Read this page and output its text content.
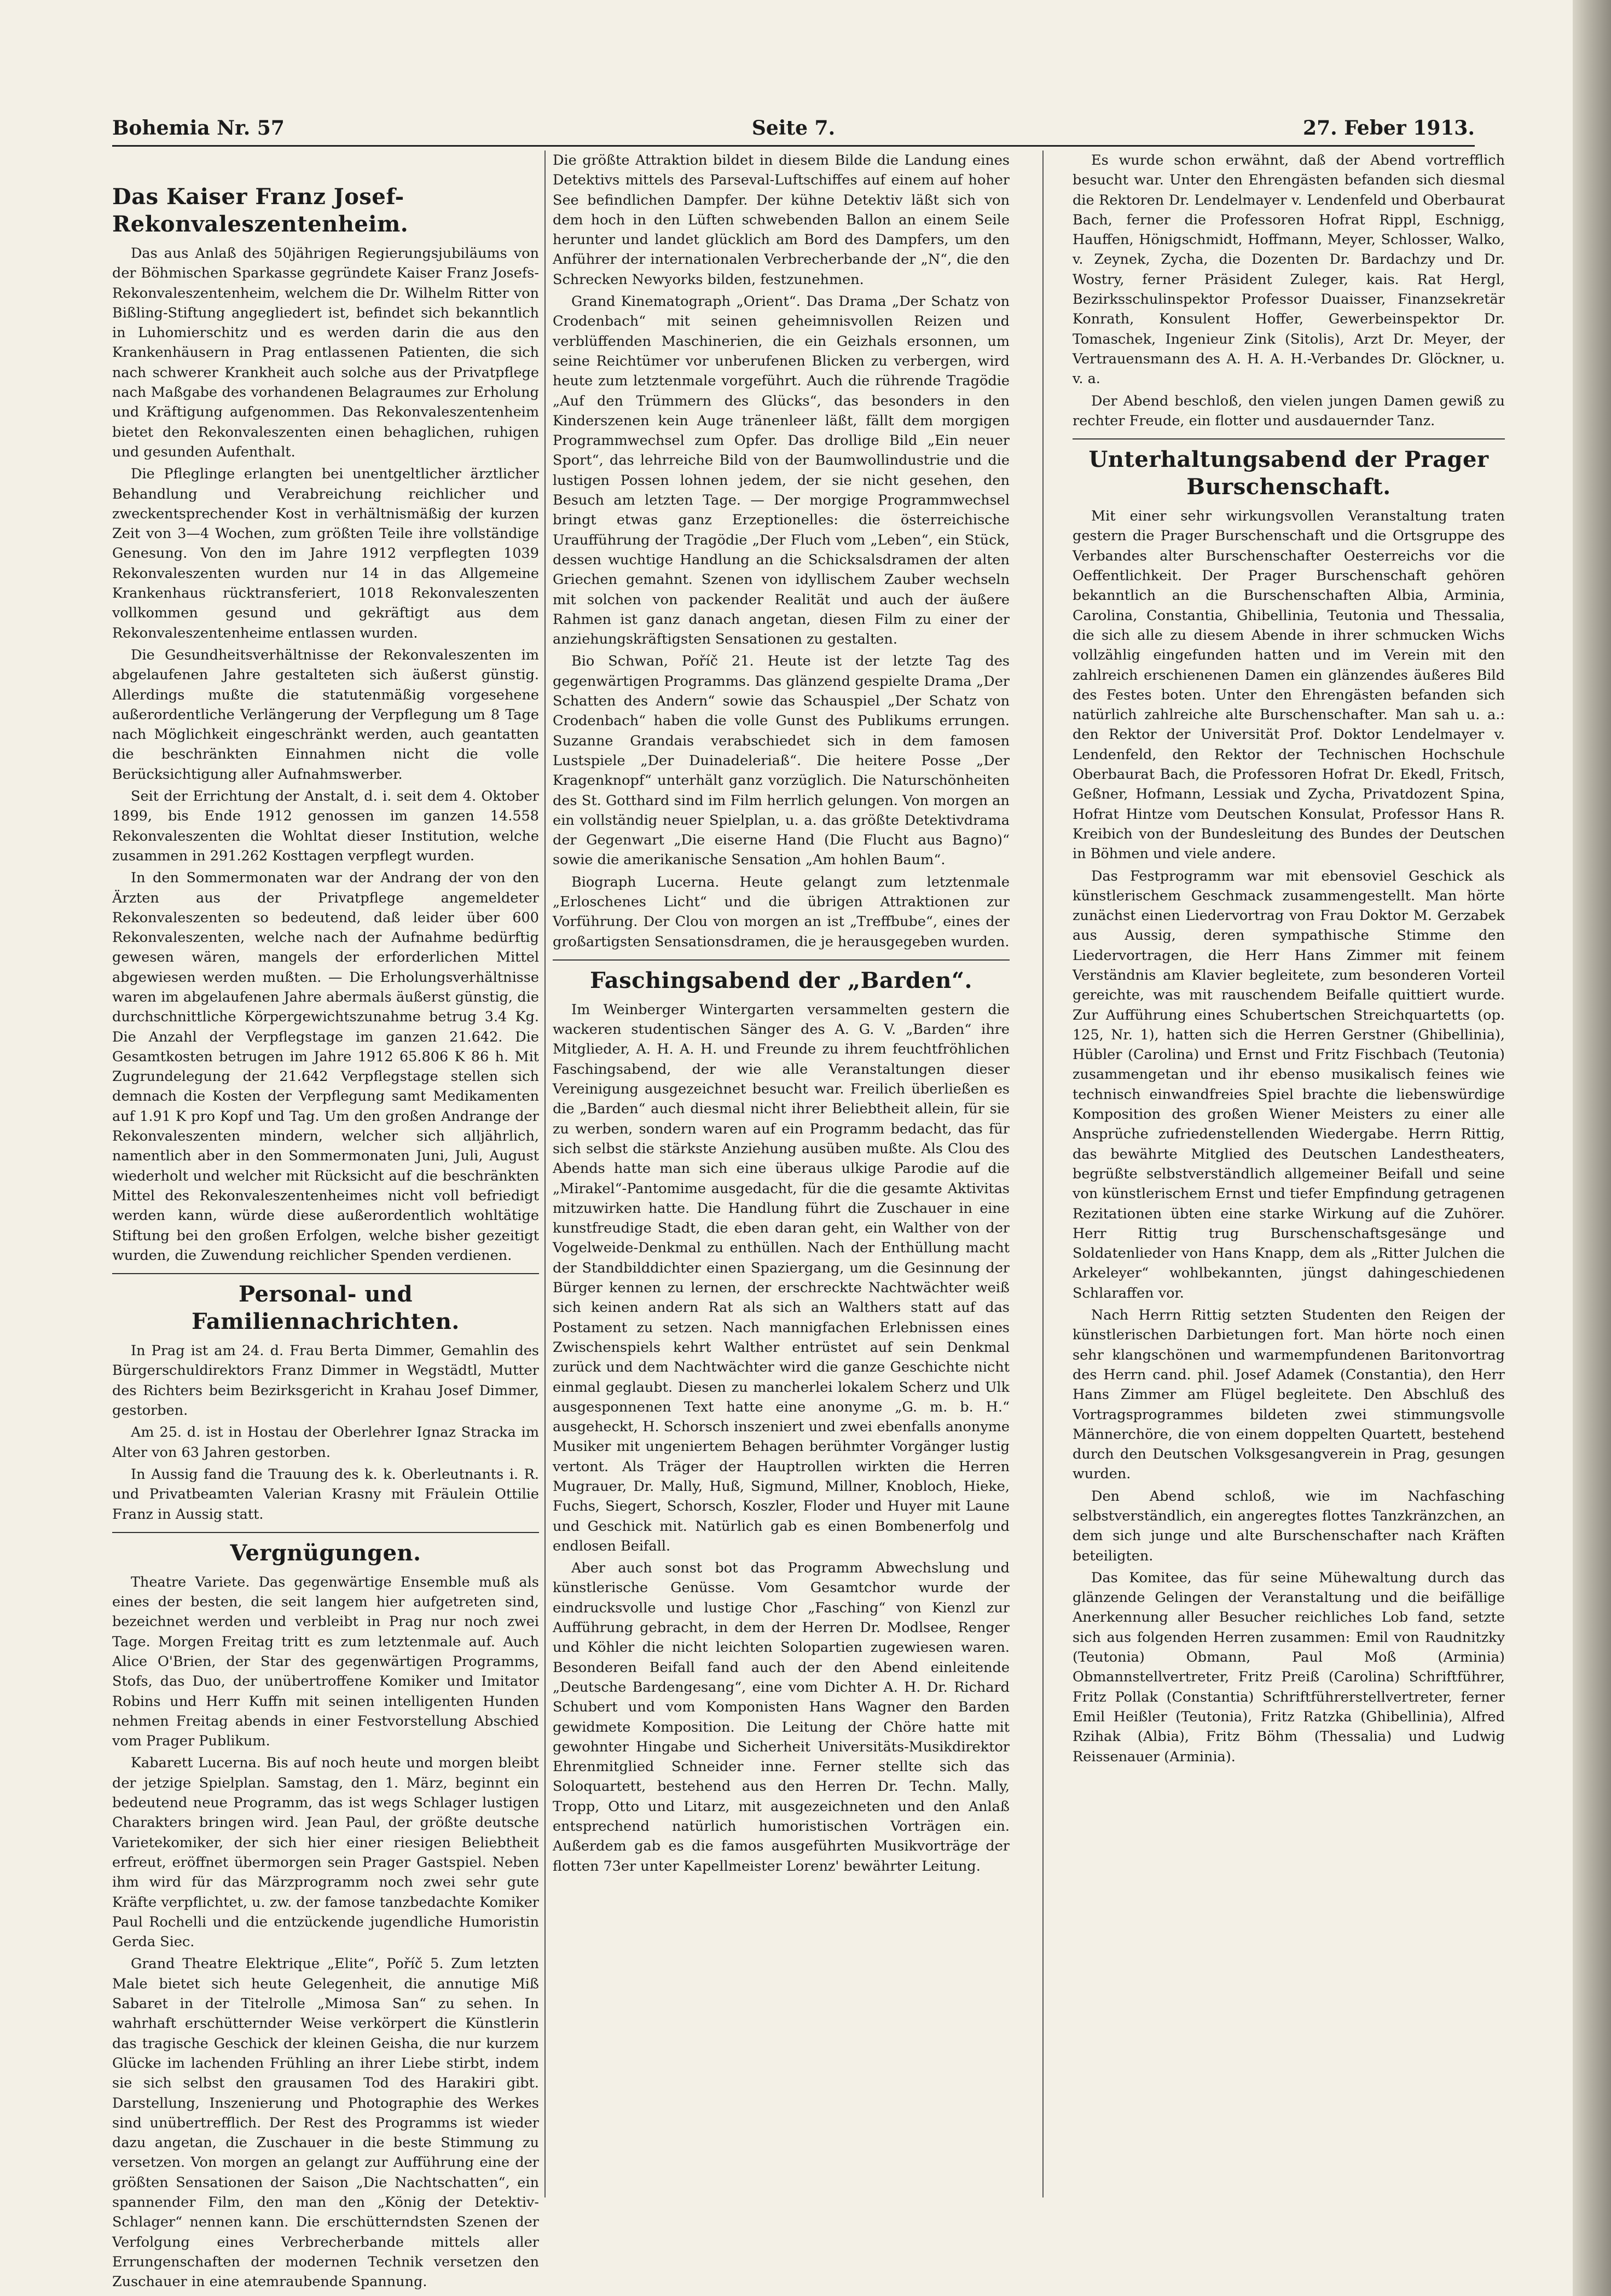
Bohemia Nr. 57	Seite 7.	27. Feber 1913.
Das Kaiser Franz Josef-Rekonvaleszentenheim.

Das aus Anlaß des 50jährigen Regierungsjubiläums von der Böhmischen Sparkasse gegründete Kaiser Franz Josefs-Rekonvaleszentenheim, welchem die Dr. Wilhelm Ritter von Bißling-Stiftung angegliedert ist, befindet sich bekanntlich in Luhomierschitz und es werden darin die aus den Krankenhäusern in Prag entlassenen Patienten, die sich nach schwerer Krankheit auch solche aus der Privatpflege nach Maßgabe des vorhandenen Belagraumes zur Erholung und Kräftigung aufgenommen. Das Rekonvaleszentenheim bietet den Rekonvaleszenten einen behaglichen, ruhigen und gesunden Aufenthalt.

Die Pfleglinge erlangten bei unentgeltlicher ärztlicher Behandlung und Verabreichung reichlicher und zweckentsprechender Kost in verhältnismäßig der kurzen Zeit von 3—4 Wochen, zum größten Teile ihre vollständige Genesung. Von den im Jahre 1912 verpflegten 1039 Rekonvaleszenten wurden nur 14 in das Allgemeine Krankenhaus rücktransferiert, 1018 Rekonvaleszenten vollkommen gesund und gekräftigt aus dem Rekonvaleszentenheime entlassen wurden.

Die Gesundheitsverhältnisse der Rekonvaleszenten im abgelaufenen Jahre gestalteten sich äußerst günstig. Allerdings mußte die statutenmäßig vorgesehene außerordentliche Verlängerung der Verpflegung um 8 Tage nach Möglichkeit eingeschränkt werden, auch geantatten die beschränkten Einnahmen nicht die volle Berücksichtigung aller Aufnahmswerber.

Seit der Errichtung der Anstalt, d. i. seit dem 4. Oktober 1899, bis Ende 1912 genossen im ganzen 14.558 Rekonvaleszenten die Wohltat dieser Institution, welche zusammen in 291.262 Kosttagen verpflegt wurden.

In den Sommermonaten war der Andrang der von den Ärzten aus der Privatpflege angemeldeter Rekonvaleszenten so bedeutend, daß leider über 600 Rekonvaleszenten, welche nach der Aufnahme bedürftig gewesen wären, mangels der erforderlichen Mittel abgewiesen werden mußten. — Die Erholungsverhältnisse waren im abgelaufenen Jahre abermals äußerst günstig, die durchschnittliche Körpergewichtszunahme betrug 3.4 Kg. Die Anzahl der Verpflegstage im ganzen 21.642. Die Gesamtkosten betrugen im Jahre 1912 65.806 K 86 h. Mit Zugrundelegung der 21.642 Verpflegstage stellen sich demnach die Kosten der Verpflegung samt Medikamenten auf 1.91 K pro Kopf und Tag. Um den großen Andrange der Rekonvaleszenten mindern, welcher sich alljährlich, namentlich aber in den Sommermonaten Juni, Juli, August wiederholt und welcher mit Rücksicht auf die beschränkten Mittel des Rekonvaleszentenheimes nicht voll befriedigt werden kann, würde diese außerordentlich wohltätige Stiftung bei den großen Erfolgen, welche bisher gezeitigt wurden, die Zuwendung reichlicher Spenden verdienen.

Personal- und Familiennachrichten.

In Prag ist am 24. d. Frau Berta Dimmer, Gemahlin des Bürgerschuldirektors Franz Dimmer in Wegstädtl, Mutter des Richters beim Bezirksgericht in Krahau Josef Dimmer, gestorben.

Am 25. d. ist in Hostau der Oberlehrer Ignaz Stracka im Alter von 63 Jahren gestorben.

In Aussig fand die Trauung des k. k. Oberleutnants i. R. und Privatbeamten Valerian Krasny mit Fräulein Ottilie Franz in Aussig statt.

Vergnügungen.

Theatre Variete. Das gegenwärtige Ensemble muß als eines der besten, die seit langem hier aufgetreten sind, bezeichnet werden und verbleibt in Prag nur noch zwei Tage. Morgen Freitag tritt es zum letztenmale auf. Auch Alice O'Brien, der Star des gegenwärtigen Programms, Stofs, das Duo, der unübertroffene Komiker und Imitator Robins und Herr Kuffn mit seinen intelligenten Hunden nehmen Freitag abends in einer Festvorstellung Abschied vom Prager Publikum.

Kabarett Lucerna. Bis auf noch heute und morgen bleibt der jetzige Spielplan. Samstag, den 1. März, beginnt ein bedeutend neue Programm, das ist wegs Schlager lustigen Charakters bringen wird. Jean Paul, der größte deutsche Varietekomiker, der sich hier einer riesigen Beliebtheit erfreut, eröffnet übermorgen sein Prager Gastspiel. Neben ihm wird für das Märzprogramm noch zwei sehr gute Kräfte verpflichtet, u. zw. der famose tanzbedachte Komiker Paul Rochelli und die entzückende jugendliche Humoristin Gerda Siec.

Grand Theatre Elektrique „Elite“, Poříč 5. Zum letzten Male bietet sich heute Gelegenheit, die annutige Miß Sabaret in der Titelrolle „Mimosa San“ zu sehen. In wahrhaft erschütternder Weise verkörpert die Künstlerin das tragische Geschick der kleinen Geisha, die nur kurzem Glücke im lachenden Frühling an ihrer Liebe stirbt, indem sie sich selbst den grausamen Tod des Harakiri gibt. Darstellung, Inszenierung und Photographie des Werkes sind unübertrefflich. Der Rest des Programms ist wieder dazu angetan, die Zuschauer in die beste Stimmung zu versetzen. Von morgen an gelangt zur Aufführung eine der größten Sensationen der Saison „Die Nachtschatten“, ein spannender Film, den man den „König der Detektiv-Schlager“ nennen kann. Die erschütterndsten Szenen der Verfolgung eines Verbrecherbande mittels aller Errungenschaften der modernen Technik versetzen den Zuschauer in eine atemraubende Spannung.

Die größte Attraktion bildet in diesem Bilde die Landung eines Detektivs mittels des Parseval-Luftschiffes auf einem auf hoher See befindlichen Dampfer. Der kühne Detektiv läßt sich von dem hoch in den Lüften schwebenden Ballon an einem Seile herunter und landet glücklich am Bord des Dampfers, um den Anführer der internationalen Verbrecherbande der „N“, die den Schrecken Newyorks bilden, festzunehmen.

Grand Kinematograph „Orient“. Das Drama „Der Schatz von Crodenbach“ mit seinen geheimnisvollen Reizen und verblüffenden Maschinerien, die ein Geizhals ersonnen, um seine Reichtümer vor unberufenen Blicken zu verbergen, wird heute zum letztenmale vorgeführt. Auch die rührende Tragödie „Auf den Trümmern des Glücks“, das besonders in den Kinderszenen kein Auge tränenleer läßt, fällt dem morgigen Programmwechsel zum Opfer. Das drollige Bild „Ein neuer Sport“, das lehrreiche Bild von der Baumwollindustrie und die lustigen Possen lohnen jedem, der sie nicht gesehen, den Besuch am letzten Tage. — Der morgige Programmwechsel bringt etwas ganz Erzeptionelles: die österreichische Uraufführung der Tragödie „Der Fluch vom „Leben“, ein Stück, dessen wuchtige Handlung an die Schicksalsdramen der alten Griechen gemahnt. Szenen von idyllischem Zauber wechseln mit solchen von packender Realität und auch der äußere Rahmen ist ganz danach angetan, diesen Film zu einer der anziehungskräftigsten Sensationen zu gestalten.

Bio Schwan, Poříč 21. Heute ist der letzte Tag des gegenwärtigen Programms. Das glänzend gespielte Drama „Der Schatten des Andern“ sowie das Schauspiel „Der Schatz von Crodenbach“ haben die volle Gunst des Publikums errungen. Suzanne Grandais verabschiedet sich in dem famosen Lustspiele „Der Duinadeleriaß“. Die heitere Posse „Der Kragenknopf“ unterhält ganz vorzüglich. Die Naturschönheiten des St. Gotthard sind im Film herrlich gelungen. Von morgen an ein vollständig neuer Spielplan, u. a. das größte Detektivdrama der Gegenwart „Die eiserne Hand (Die Flucht aus Bagno)“ sowie die amerikanische Sensation „Am hohlen Baum“.

Biograph Lucerna. Heute gelangt zum letztenmale „Erloschenes Licht“ und die übrigen Attraktionen zur Vorführung. Der Clou von morgen an ist „Treffbube“, eines der großartigsten Sensationsdramen, die je herausgegeben wurden.

Faschingsabend der „Barden“.

Im Weinberger Wintergarten versammelten gestern die wackeren studentischen Sänger des A. G. V. „Barden“ ihre Mitglieder, A. H. A. H. und Freunde zu ihrem feuchtfröhlichen Faschingsabend, der wie alle Veranstaltungen dieser Vereinigung ausgezeichnet besucht war. Freilich überließen es die „Barden“ auch diesmal nicht ihrer Beliebtheit allein, für sie zu werben, sondern waren auf ein Programm bedacht, das für sich selbst die stärkste Anziehung ausüben mußte. Als Clou des Abends hatte man sich eine überaus ulkige Parodie auf die „Mirakel“-Pantomime ausgedacht, für die die gesamte Aktivitas mitzuwirken hatte. Die Handlung führt die Zuschauer in eine kunstfreudige Stadt, die eben daran geht, ein Walther von der Vogelweide-Denkmal zu enthüllen. Nach der Enthüllung macht der Standbilddichter einen Spaziergang, um die Gesinnung der Bürger kennen zu lernen, der erschreckte Nachtwächter weiß sich keinen andern Rat als sich an Walthers statt auf das Postament zu setzen. Nach mannigfachen Erlebnissen eines Zwischenspiels kehrt Walther entrüstet auf sein Denkmal zurück und dem Nachtwächter wird die ganze Geschichte nicht einmal geglaubt. Diesen zu mancherlei lokalem Scherz und Ulk ausgesponnenen Text hatte eine anonyme „G. m. b. H.“ ausgeheckt, H. Schorsch inszeniert und zwei ebenfalls anonyme Musiker mit ungeniertem Behagen berühmter Vorgänger lustig vertont. Als Träger der Hauptrollen wirkten die Herren Mugrauer, Dr. Mally, Huß, Sigmund, Millner, Knobloch, Hieke, Fuchs, Siegert, Schorsch, Koszler, Floder und Huyer mit Laune und Geschick mit. Natürlich gab es einen Bombenerfolg und endlosen Beifall.

Aber auch sonst bot das Programm Abwechslung und künstlerische Genüsse. Vom Gesamtchor wurde der eindrucksvolle und lustige Chor „Fasching“ von Kienzl zur Aufführung gebracht, in dem der Herren Dr. Modlsee, Renger und Köhler die nicht leichten Solopartien zugewiesen waren. Besonderen Beifall fand auch der den Abend einleitende „Deutsche Bardengesang“, eine vom Dichter A. H. Dr. Richard Schubert und vom Komponisten Hans Wagner den Barden gewidmete Komposition. Die Leitung der Chöre hatte mit gewohnter Hingabe und Sicherheit Universitäts-Musikdirektor Ehrenmitglied Schneider inne. Ferner stellte sich das Soloquartett, bestehend aus den Herren Dr. Techn. Mally, Tropp, Otto und Litarz, mit ausgezeichneten und den Anlaß entsprechend natürlich humoristischen Vorträgen ein. Außerdem gab es die famos ausgeführten Musikvorträge der flotten 73er unter Kapellmeister Lorenz' bewährter Leitung.

Es wurde schon erwähnt, daß der Abend vortrefflich besucht war. Unter den Ehrengästen befanden sich diesmal die Rektoren Dr. Lendelmayer v. Lendenfeld und Oberbaurat Bach, ferner die Professoren Hofrat Rippl, Eschnigg, Hauffen, Hönigschmidt, Hoffmann, Meyer, Schlosser, Walko, v. Zeynek, Zycha, die Dozenten Dr. Bardachzy und Dr. Wostry, ferner Präsident Zuleger, kais. Rat Hergl, Bezirksschulinspektor Professor Duaisser, Finanzsekretär Konrath, Konsulent Hoffer, Gewerbeinspektor Dr. Tomaschek, Ingenieur Zink (Sitolis), Arzt Dr. Meyer, der Vertrauensmann des A. H. A. H.-Verbandes Dr. Glöckner, u. v. a.

Der Abend beschloß, den vielen jungen Damen gewiß zu rechter Freude, ein flotter und ausdauernder Tanz.

Unterhaltungsabend der Prager Burschenschaft.

Mit einer sehr wirkungsvollen Veranstaltung traten gestern die Prager Burschenschaft und die Ortsgruppe des Verbandes alter Burschenschafter Oesterreichs vor die Oeffentlichkeit. Der Prager Burschenschaft gehören bekanntlich an die Burschenschaften Albia, Arminia, Carolina, Constantia, Ghibellinia, Teutonia und Thessalia, die sich alle zu diesem Abende in ihrer schmucken Wichs vollzählig eingefunden hatten und im Verein mit den zahlreich erschienenen Damen ein glänzendes äußeres Bild des Festes boten. Unter den Ehrengästen befanden sich natürlich zahlreiche alte Burschenschafter. Man sah u. a.: den Rektor der Universität Prof. Doktor Lendelmayer v. Lendenfeld, den Rektor der Technischen Hochschule Oberbaurat Bach, die Professoren Hofrat Dr. Ekedl, Fritsch, Geßner, Hofmann, Lessiak und Zycha, Privatdozent Spina, Hofrat Hintze vom Deutschen Konsulat, Professor Hans R. Kreibich von der Bundesleitung des Bundes der Deutschen in Böhmen und viele andere.

Das Festprogramm war mit ebensoviel Geschick als künstlerischem Geschmack zusammengestellt. Man hörte zunächst einen Liedervortrag von Frau Doktor M. Gerzabek aus Aussig, deren sympathische Stimme den Liedervortragen, die Herr Hans Zimmer mit feinem Verständnis am Klavier begleitete, zum besonderen Vorteil gereichte, was mit rauschendem Beifalle quittiert wurde. Zur Aufführung eines Schubertschen Streichquartetts (op. 125, Nr. 1), hatten sich die Herren Gerstner (Ghibellinia), Hübler (Carolina) und Ernst und Fritz Fischbach (Teutonia) zusammengetan und ihr ebenso musikalisch feines wie technisch einwandfreies Spiel brachte die liebenswürdige Komposition des großen Wiener Meisters zu einer alle Ansprüche zufriedenstellenden Wiedergabe. Herrn Rittig, das bewährte Mitglied des Deutschen Landestheaters, begrüßte selbstverständlich allgemeiner Beifall und seine von künstlerischem Ernst und tiefer Empfindung getragenen Rezitationen übten eine starke Wirkung auf die Zuhörer. Herr Rittig trug Burschenschaftsgesänge und Soldatenlieder von Hans Knapp, dem als „Ritter Julchen die Arkeleyer“ wohlbekannten, jüngst dahingeschiedenen Schlaraffen vor.

Nach Herrn Rittig setzten Studenten den Reigen der künstlerischen Darbietungen fort. Man hörte noch einen sehr klangschönen und warmempfundenen Baritonvortrag des Herrn cand. phil. Josef Adamek (Constantia), den Herr Hans Zimmer am Flügel begleitete. Den Abschluß des Vortragsprogrammes bildeten zwei stimmungsvolle Männerchöre, die von einem doppelten Quartett, bestehend durch den Deutschen Volksgesangverein in Prag, gesungen wurden.

Den Abend schloß, wie im Nachfasching selbstverständlich, ein angeregtes flottes Tanzkränzchen, an dem sich junge und alte Burschenschafter nach Kräften beteiligten.

Das Komitee, das für seine Mühewaltung durch das glänzende Gelingen der Veranstaltung und die beifällige Anerkennung aller Besucher reichliches Lob fand, setzte sich aus folgenden Herren zusammen: Emil von Raudnitzky (Teutonia) Obmann, Paul Moß (Arminia) Obmannstellvertreter, Fritz Preiß (Carolina) Schriftführer, Fritz Pollak (Constantia) Schriftführerstellvertreter, ferner Emil Heißler (Teutonia), Fritz Ratzka (Ghibellinia), Alfred Rzihak (Albia), Fritz Böhm (Thessalia) und Ludwig Reissenauer (Arminia).
